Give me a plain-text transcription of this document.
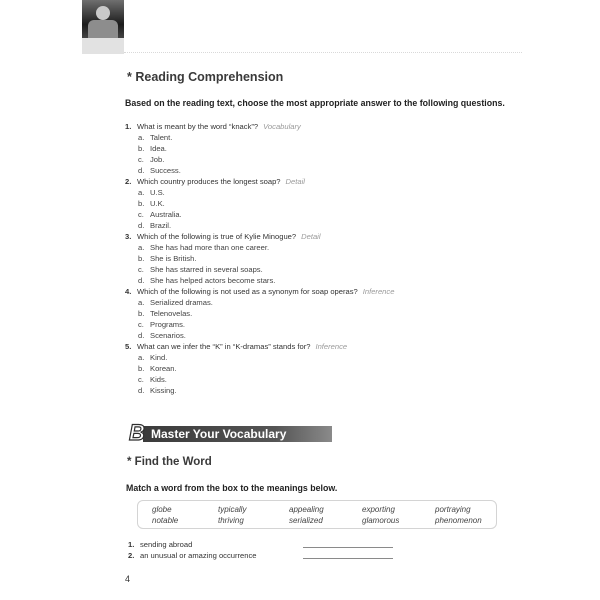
* Reading Comprehension

Based on the reading text, choose the most appropriate answer to the following questions.

1. What is meant by the word “knack”? Vocabulary
a. Talent.
b. Idea.
c. Job.
d. Success.
2. Which country produces the longest soap? Detail
a. U.S.
b. U.K.
c. Australia.
d. Brazil.
3. Which of the following is true of Kylie Minogue? Detail
a. She has had more than one career.
b. She is British.
c. She has starred in several soaps.
d. She has helped actors become stars.
4. Which of the following is not used as a synonym for soap operas? Inference
a. Serialized dramas.
b. Telenovelas.
c. Programs.
d. Scenarios.
5. What can we infer the “K” in “K-dramas” stands for? Inference
a. Kind.
b. Korean.
c. Kids.
d. Kissing.
Master Your Vocabulary
B
* Find the Word

Match a word from the box to the meanings below.

globe	typically	appealing	exporting	portraying
notable	thriving	serialized	glamorous	phenomenon
1. sending abroad
2. an unusual or amazing occurrence
4
